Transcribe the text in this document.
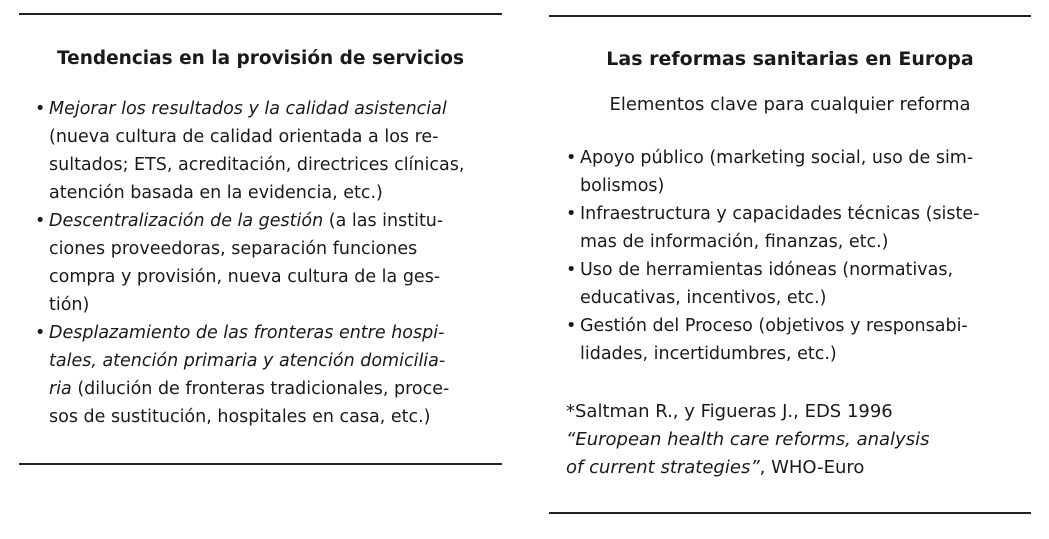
Tendencias en la provisión de servicios
• Mejorar los resultados y la calidad asistencial
(nueva cultura de calidad orientada a los re-
sultados; ETS, acreditación, directrices clínicas,
atención basada en la evidencia, etc.)
• Descentralización de la gestión (a las institu-
ciones proveedoras, separación funciones
compra y provisión, nueva cultura de la ges-
tión)
• Desplazamiento de las fronteras entre hospi-
tales, atención primaria y atención domicilia-
ria (dilución de fronteras tradicionales, proce-
sos de sustitución, hospitales en casa, etc.)
Las reformas sanitarias en Europa
Elementos clave para cualquier reforma
• Apoyo público (marketing social, uso de sim-
bolismos)
• Infraestructura y capacidades técnicas (siste-
mas de información, finanzas, etc.)
• Uso de herramientas idóneas (normativas,
educativas, incentivos, etc.)
• Gestión del Proceso (objetivos y responsabi-
lidades, incertidumbres, etc.)
*Saltman R., y Figueras J., EDS 1996
“European health care reforms, analysis
of current strategies”, WHO-Euro
